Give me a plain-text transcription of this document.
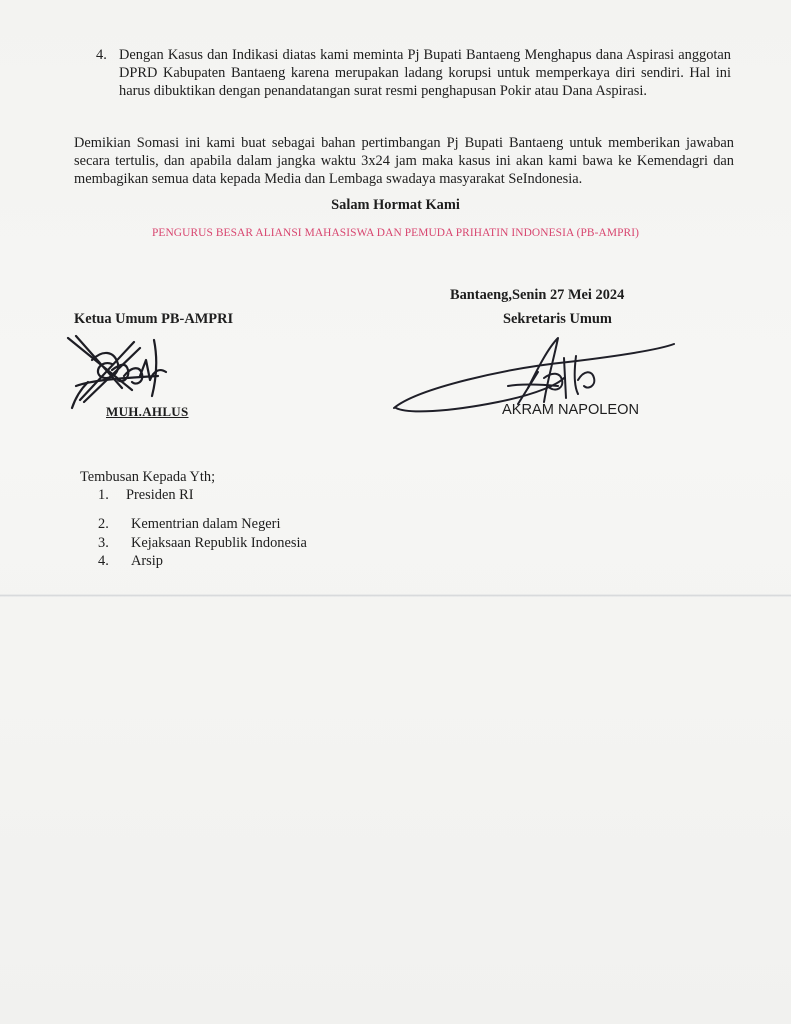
4. Dengan Kasus dan Indikasi diatas kami meminta Pj Bupati Bantaeng Menghapus dana Aspirasi anggotan DPRD Kabupaten Bantaeng karena merupakan ladang korupsi untuk memperkaya diri sendiri. Hal ini harus dibuktikan dengan penandatangan surat resmi penghapusan Pokir atau Dana Aspirasi.

Demikian Somasi ini kami buat sebagai bahan pertimbangan Pj Bupati Bantaeng untuk memberikan jawaban secara tertulis, dan apabila dalam jangka waktu 3x24 jam maka kasus ini akan kami bawa ke Kemendagri dan membagikan semua data kepada Media dan Lembaga swadaya masyarakat SeIndonesia.

Salam Hormat Kami
PENGURUS BESAR ALIANSI MAHASISWA DAN PEMUDA PRIHATIN INDONESIA (PB-AMPRI)
Bantaeng,Senin 27 Mei 2024
Ketua Umum PB-AMPRI
MUH.AHLUS
Sekretaris Umum
AKRAM NAPOLEON
Tembusan Kepada Yth;
1. Presiden RI
2. Kementrian dalam Negeri
3. Kejaksaan Republik Indonesia
4. Arsip
